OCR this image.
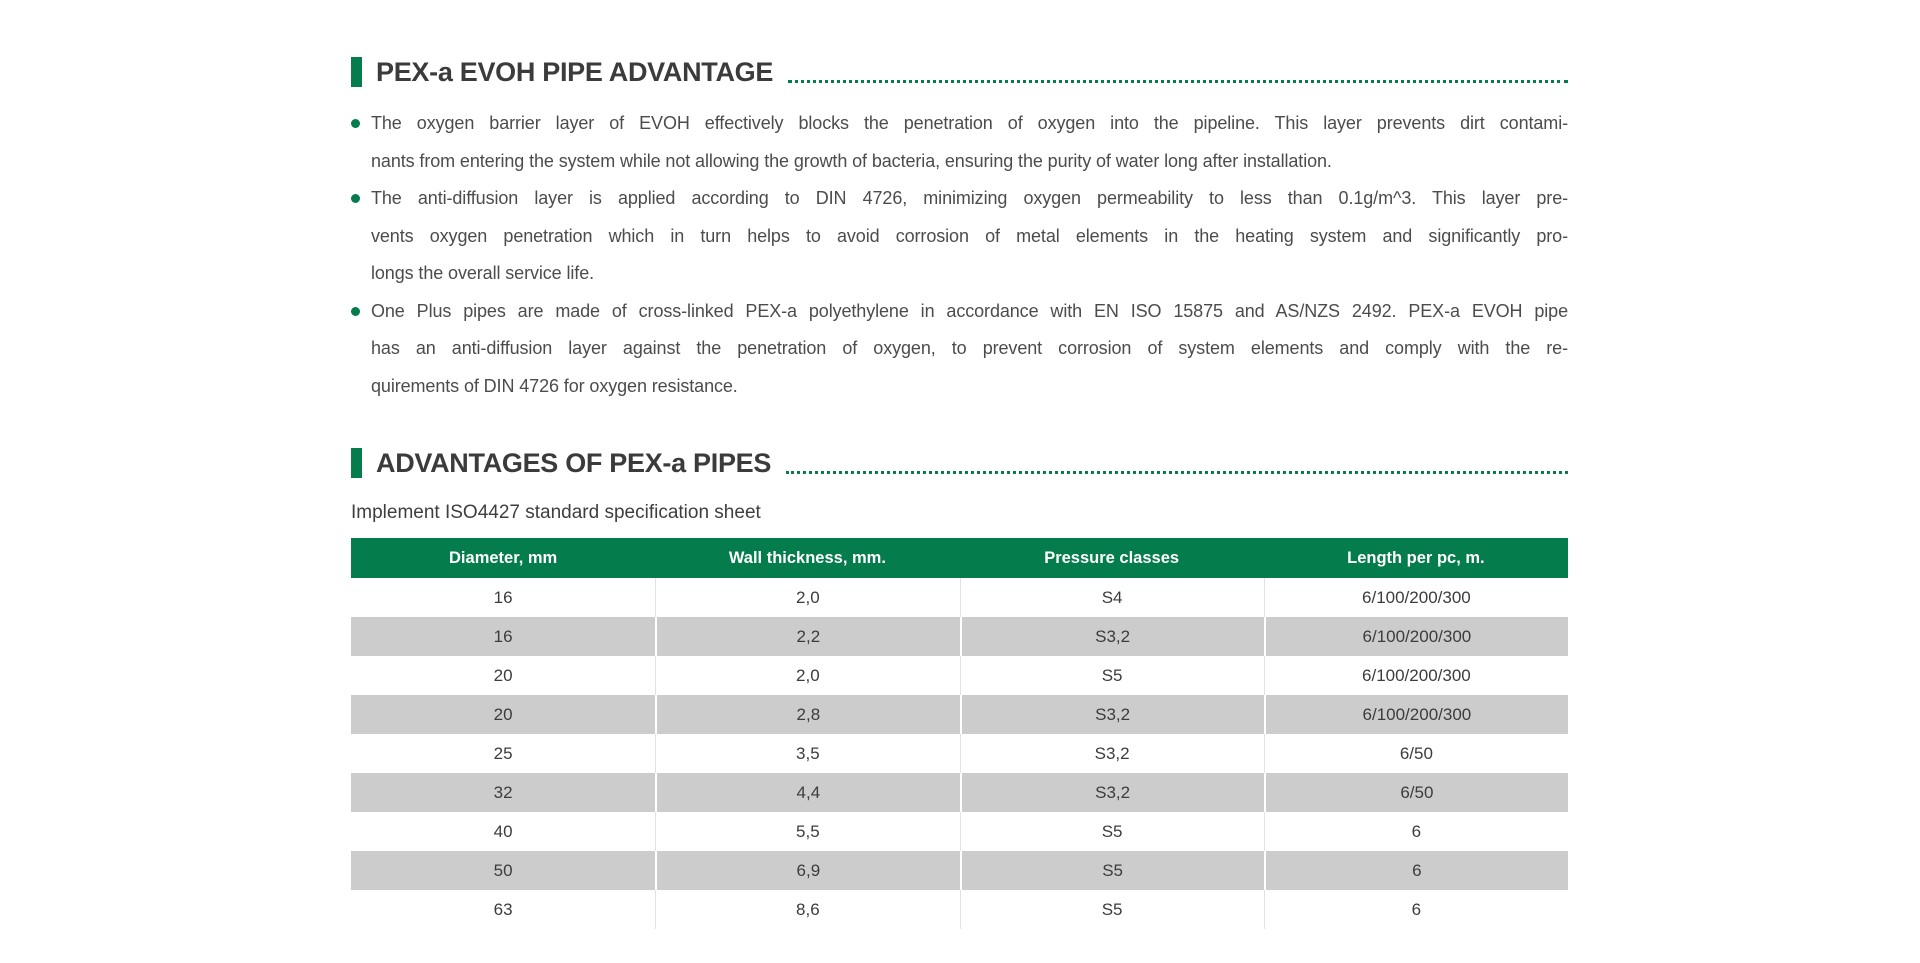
PEX-a EVOH PIPE ADVANTAGE
The oxygen barrier layer of EVOH effectively blocks the penetration of oxygen into the pipeline. This layer prevents dirt contami-
nants from entering the system while not allowing the growth of bacteria, ensuring the purity of water long after installation.
The anti-diffusion layer is applied according to DIN 4726, minimizing oxygen permeability to less than 0.1g/m^3. This layer pre-
vents oxygen penetration which in turn helps to avoid corrosion of metal elements in the heating system and significantly pro-
longs the overall service life.
One Plus pipes are made of cross-linked PEX-a polyethylene in accordance with EN ISO 15875 and AS/NZS 2492. PEX-a EVOH pipe
has an anti-diffusion layer against the penetration of oxygen, to prevent corrosion of system elements and comply with the re-
quirements of DIN 4726 for oxygen resistance.
ADVANTAGES OF PEX-a PIPES
Implement ISO4427 standard specification sheet
Diameter, mm	Wall thickness, mm.	Pressure classes	Length per pc, m.
16	2,0	S4	6/100/200/300
16	2,2	S3,2	6/100/200/300
20	2,0	S5	6/100/200/300
20	2,8	S3,2	6/100/200/300
25	3,5	S3,2	6/50
32	4,4	S3,2	6/50
40	5,5	S5	6
50	6,9	S5	6
63	8,6	S5	6
